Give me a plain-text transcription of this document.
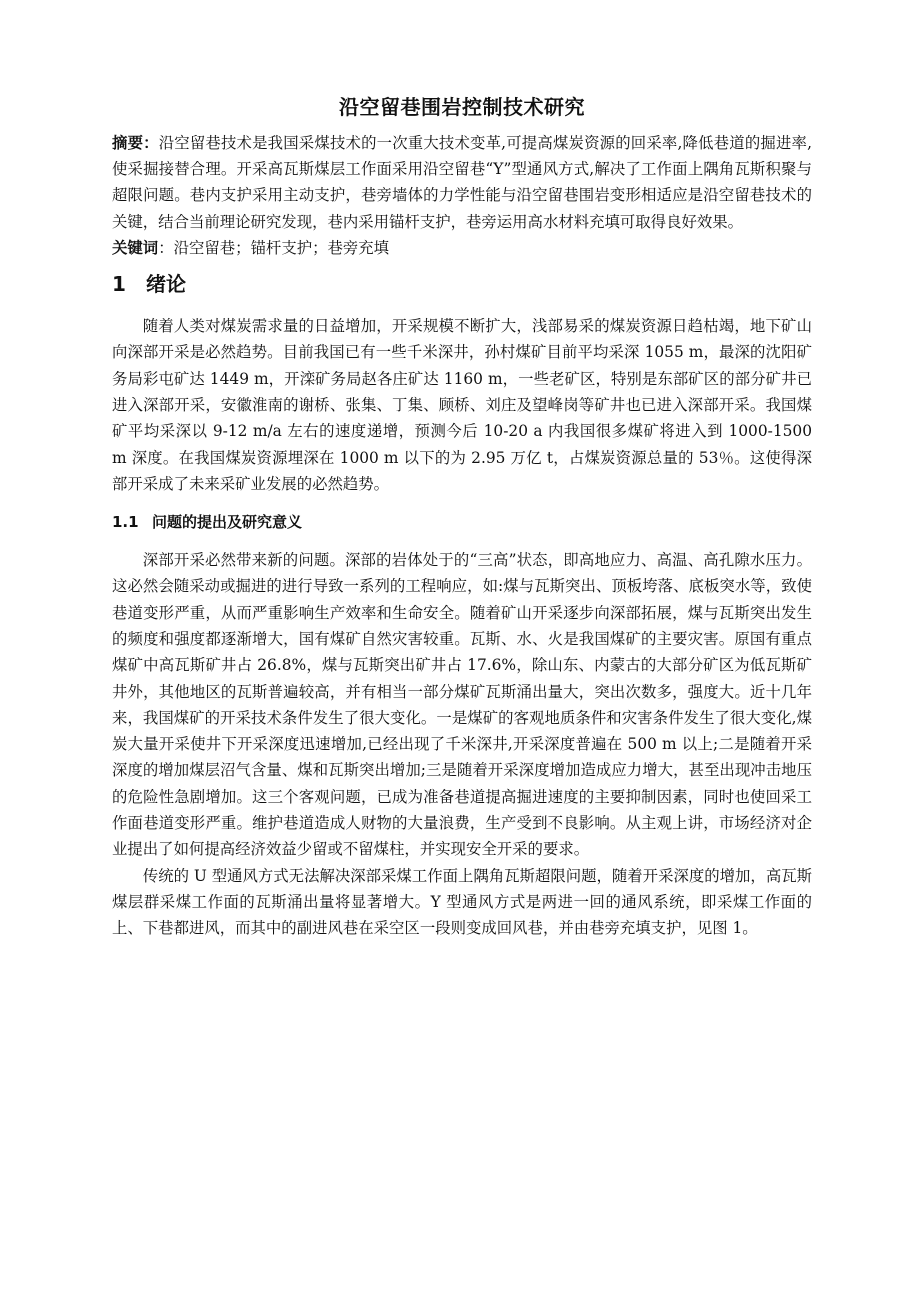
沿空留巷围岩控制技术研究

摘要：沿空留巷技术是我国采煤技术的一次重大技术变革,可提高煤炭资源的回采率,降低巷道的掘进率,使采掘接替合理。开采高瓦斯煤层工作面采用沿空留巷“Y”型通风方式,解决了工作面上隅角瓦斯积聚与超限问题。巷内支护采用主动支护，巷旁墙体的力学性能与沿空留巷围岩变形相适应是沿空留巷技术的关键，结合当前理论研究发现，巷内采用锚杆支护，巷旁运用高水材料充填可取得良好效果。

关键词：沿空留巷；锚杆支护；巷旁充填

1 绪论

随着人类对煤炭需求量的日益增加，开采规模不断扩大，浅部易采的煤炭资源日趋枯竭，地下矿山向深部开采是必然趋势。目前我国已有一些千米深井，孙村煤矿目前平均采深 1055 m，最深的沈阳矿务局彩屯矿达 1449 m，开滦矿务局赵各庄矿达 1160 m，一些老矿区，特别是东部矿区的部分矿井已进入深部开采，安徽淮南的谢桥、张集、丁集、顾桥、刘庄及望峰岗等矿井也已进入深部开采。我国煤矿平均采深以 9-12 m/a 左右的速度递增，预测今后 10-20 a 内我国很多煤矿将进入到 1000-1500 m 深度。在我国煤炭资源埋深在 1000 m 以下的为 2.95 万亿 t，占煤炭资源总量的 53％。这使得深部开采成了未来采矿业发展的必然趋势。

1.1 问题的提出及研究意义

深部开采必然带来新的问题。深部的岩体处于的“三高”状态，即高地应力、高温、高孔隙水压力。这必然会随采动或掘进的进行导致一系列的工程响应，如:煤与瓦斯突出、顶板垮落、底板突水等，致使巷道变形严重，从而严重影响生产效率和生命安全。随着矿山开采逐步向深部拓展，煤与瓦斯突出发生的频度和强度都逐渐增大，国有煤矿自然灾害较重。瓦斯、水、火是我国煤矿的主要灾害。原国有重点煤矿中高瓦斯矿井占 26.8%，煤与瓦斯突出矿井占 17.6%，除山东、内蒙古的大部分矿区为低瓦斯矿井外，其他地区的瓦斯普遍较高，并有相当一部分煤矿瓦斯涌出量大，突出次数多，强度大。近十几年来，我国煤矿的开采技术条件发生了很大变化。一是煤矿的客观地质条件和灾害条件发生了很大变化,煤炭大量开采使井下开采深度迅速增加,已经出现了千米深井,开采深度普遍在 500 m 以上;二是随着开采深度的增加煤层沼气含量、煤和瓦斯突出增加;三是随着开采深度增加造成应力增大，甚至出现冲击地压的危险性急剧增加。这三个客观问题，已成为准备巷道提高掘进速度的主要抑制因素，同时也使回采工作面巷道变形严重。维护巷道造成人财物的大量浪费，生产受到不良影响。从主观上讲，市场经济对企业提出了如何提高经济效益少留或不留煤柱，并实现安全开采的要求。

传统的 U 型通风方式无法解决深部采煤工作面上隅角瓦斯超限问题，随着开采深度的增加，高瓦斯煤层群采煤工作面的瓦斯涌出量将显著增大。Y 型通风方式是两进一回的通风系统，即采煤工作面的上、下巷都进风，而其中的副进风巷在采空区一段则变成回风巷，并由巷旁充填支护，见图 1。
